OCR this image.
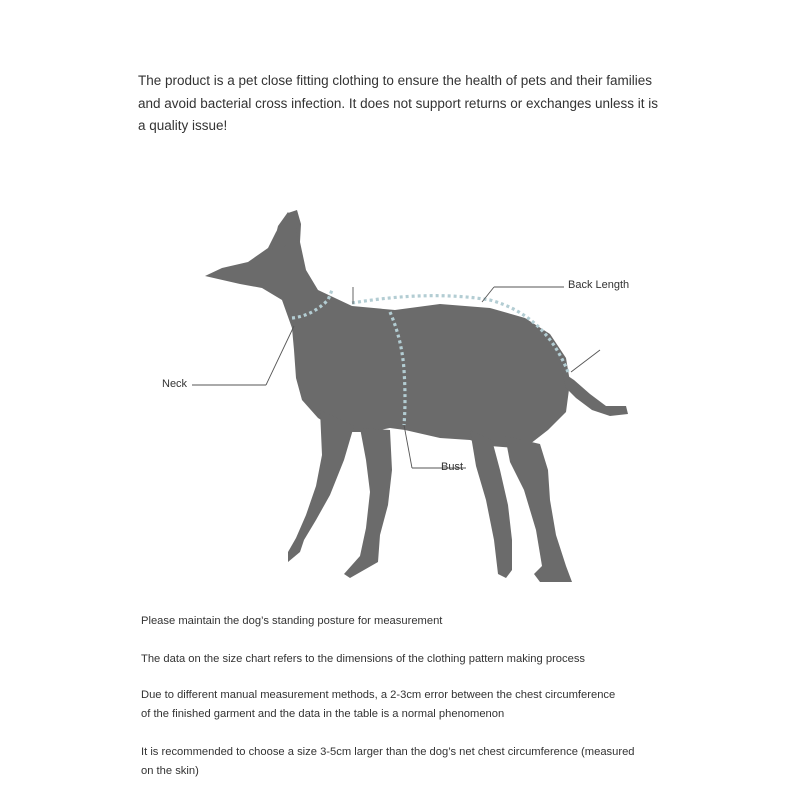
The product is a pet close fitting clothing to ensure the health of pets and their families
and avoid bacterial cross infection. It does not support returns or exchanges unless it is
a quality issue!
Back Length
Neck
Bust
Please maintain the dog’s standing posture for measurement
The data on the size chart refers to the dimensions of the clothing pattern making process
Due to different manual measurement methods, a 2-3cm error between the chest circumference
of the finished garment and the data in the table is a normal phenomenon
It is recommended to choose a size 3-5cm larger than the dog’s net chest circumference (measured
on the skin)
